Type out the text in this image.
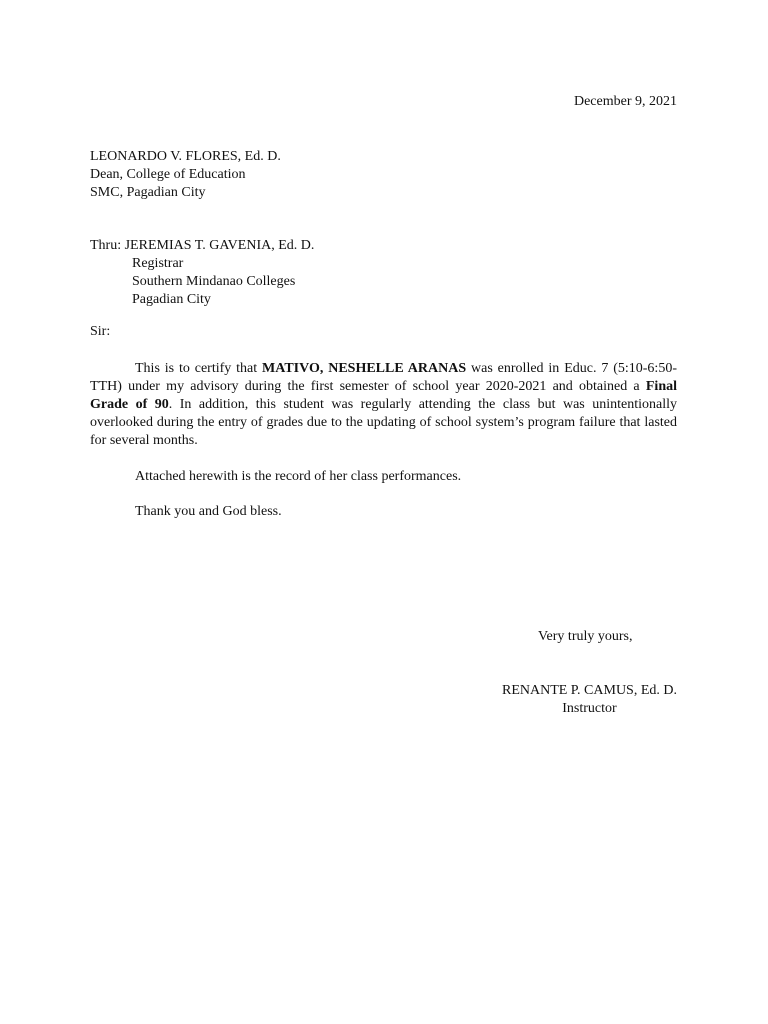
December 9, 2021
LEONARDO V. FLORES, Ed. D.
Dean, College of Education
SMC, Pagadian City
Thru: JEREMIAS T. GAVENIA, Ed. D.
Registrar
Southern Mindanao Colleges
Pagadian City
Sir:
This is to certify that MATIVO, NESHELLE ARANAS was enrolled in Educ. 7 (5:10-6:50-TTH) under my advisory during the first semester of school year 2020-2021 and obtained a Final Grade of 90. In addition, this student was regularly attending the class but was unintentionally overlooked during the entry of grades due to the updating of school system’s program failure that lasted for several months.
Attached herewith is the record of her class performances.
Thank you and God bless.
Very truly yours,
RENANTE P. CAMUS, Ed. D.
Instructor
